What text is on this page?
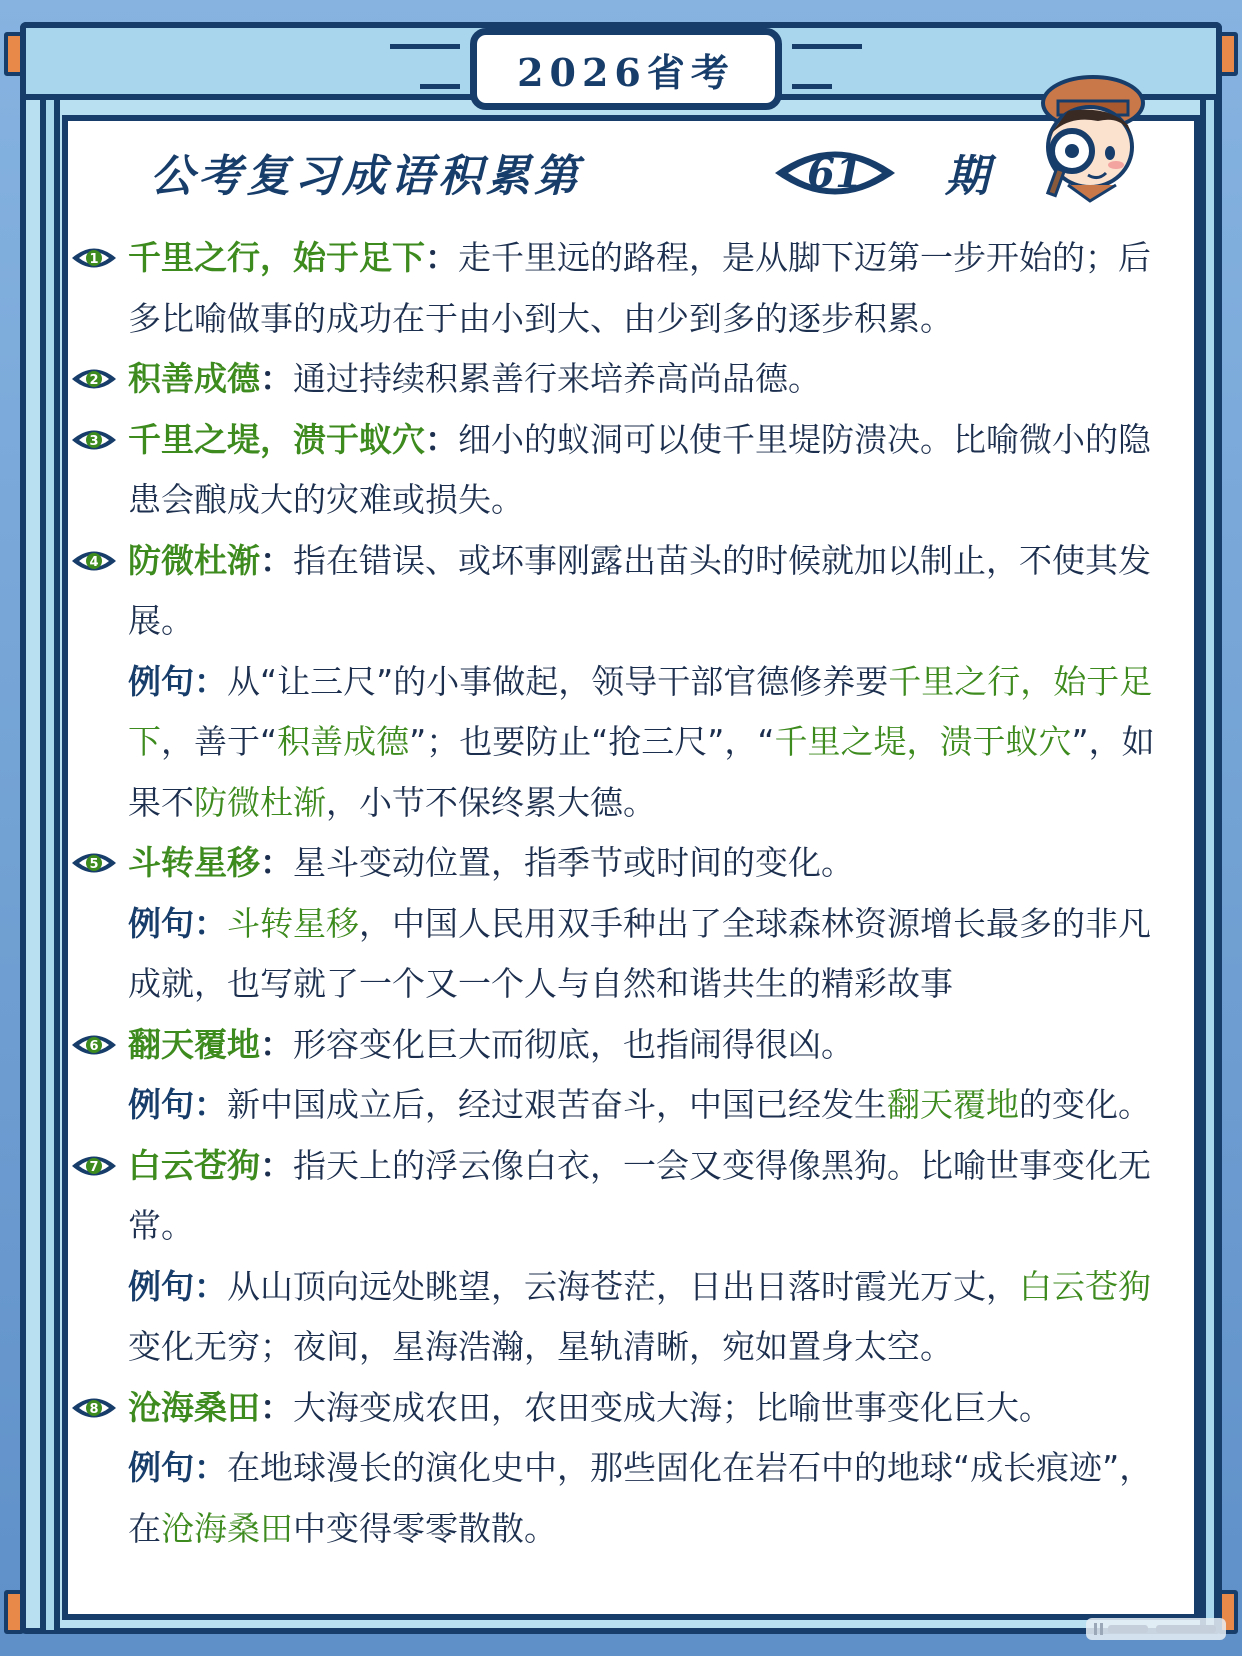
2026省考
公考复习成语积累第	61 期
1 千里之行，始于足下：走千里远的路程，是从脚下迈第一步开始的；后多比喻做事的成功在于由小到大、由少到多的逐步积累。
2 积善成德：通过持续积累善行来培养高尚品德。
3 千里之堤，溃于蚁穴：细小的蚁洞可以使千里堤防溃决。比喻微小的隐患会酿成大的灾难或损失。
4 防微杜渐：指在错误、或坏事刚露出苗头的时候就加以制止，不使其发展。
例句：从“让三尺”的小事做起，领导干部官德修养要千里之行，始于足下，善于“积善成德”；也要防止“抢三尺”，“千里之堤，溃于蚁穴”，如果不防微杜渐，小节不保终累大德。
5 斗转星移：星斗变动位置，指季节或时间的变化。
例句：斗转星移，中国人民用双手种出了全球森林资源增长最多的非凡成就，也写就了一个又一个人与自然和谐共生的精彩故事
6 翻天覆地：形容变化巨大而彻底，也指闹得很凶。
例句：新中国成立后，经过艰苦奋斗，中国已经发生翻天覆地的变化。
7 白云苍狗：指天上的浮云像白衣，一会又变得像黑狗。比喻世事变化无常。
例句：从山顶向远处眺望，云海苍茫，日出日落时霞光万丈，白云苍狗变化无穷；夜间，星海浩瀚，星轨清晰，宛如置身太空。
8 沧海桑田：大海变成农田，农田变成大海；比喻世事变化巨大。
例句：在地球漫长的演化史中，那些固化在岩石中的地球“成长痕迹”，在沧海桑田中变得零零散散。
